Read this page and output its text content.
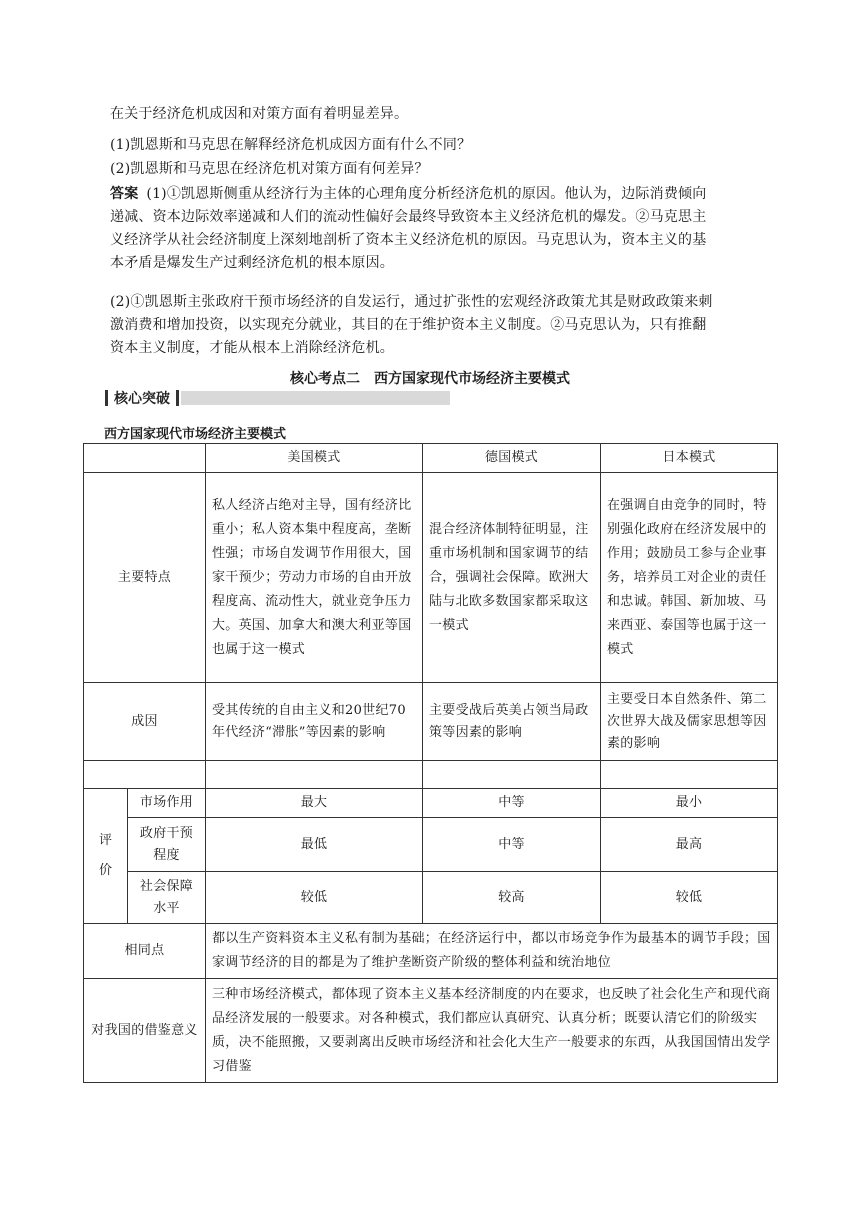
在关于经济危机成因和对策方面有着明显差异。

(1)凯恩斯和马克思在解释经济危机成因方面有什么不同？

(2)凯恩斯和马克思在经济危机对策方面有何差异？

答案 (1)①凯恩斯侧重从经济行为主体的心理角度分析经济危机的原因。他认为，边际消费倾向

递减、资本边际效率递减和人们的流动性偏好会最终导致资本主义经济危机的爆发。②马克思主

义经济学从社会经济制度上深刻地剖析了资本主义经济危机的原因。马克思认为，资本主义的基

本矛盾是爆发生产过剩经济危机的根本原因。

(2)①凯恩斯主张政府干预市场经济的自发运行，通过扩张性的宏观经济政策尤其是财政政策来刺

激消费和增加投资，以实现充分就业，其目的在于维护资本主义制度。②马克思认为，只有推翻

资本主义制度，才能从根本上消除经济危机。

核心考点二　西方国家现代市场经济主要模式
核心突破
西方国家现代市场经济主要模式
		美国模式	德国模式	日本模式
主要特点		私人经济占绝对主导，国有经济比重小；私人资本集中程度高，垄断性强；市场自发调节作用很大，国家干预少；劳动力市场的自由开放程度高、流动性大，就业竞争压力大。英国、加拿大和澳大利亚等国也属于这一模式	混合经济体制特征明显，注重市场机制和国家调节的结合，强调社会保障。欧洲大陆与北欧多数国家都采取这一模式	在强调自由竞争的同时，特别强化政府在经济发展中的作用；鼓励员工参与企业事务，培养员工对企业的责任和忠诚。韩国、新加坡、马来西亚、泰国等也属于这一模式
成因		受其传统的自由主义和20世纪70年代经济“滞胀”等因素的影响	主要受战后英美占领当局政策等因素的影响	主要受日本自然条件、第二次世界大战及儒家思想等因素的影响

评价	市场作用	最大	中等	最小
	政府干预程度	最低	中等	最高
	社会保障水平	较低	较高	较低
相同点		都以生产资料资本主义私有制为基础；在经济运行中，都以市场竞争作为最基本的调节手段；国家调节经济的目的都是为了维护垄断资产阶级的整体利益和统治地位		
对我国的借鉴意义		三种市场经济模式，都体现了资本主义基本经济制度的内在要求，也反映了社会化生产和现代商品经济发展的一般要求。对各种模式，我们都应认真研究、认真分析；既要认清它们的阶级实质，决不能照搬，又要剥离出反映市场经济和社会化大生产一般要求的东西，从我国国情出发学习借鉴		
